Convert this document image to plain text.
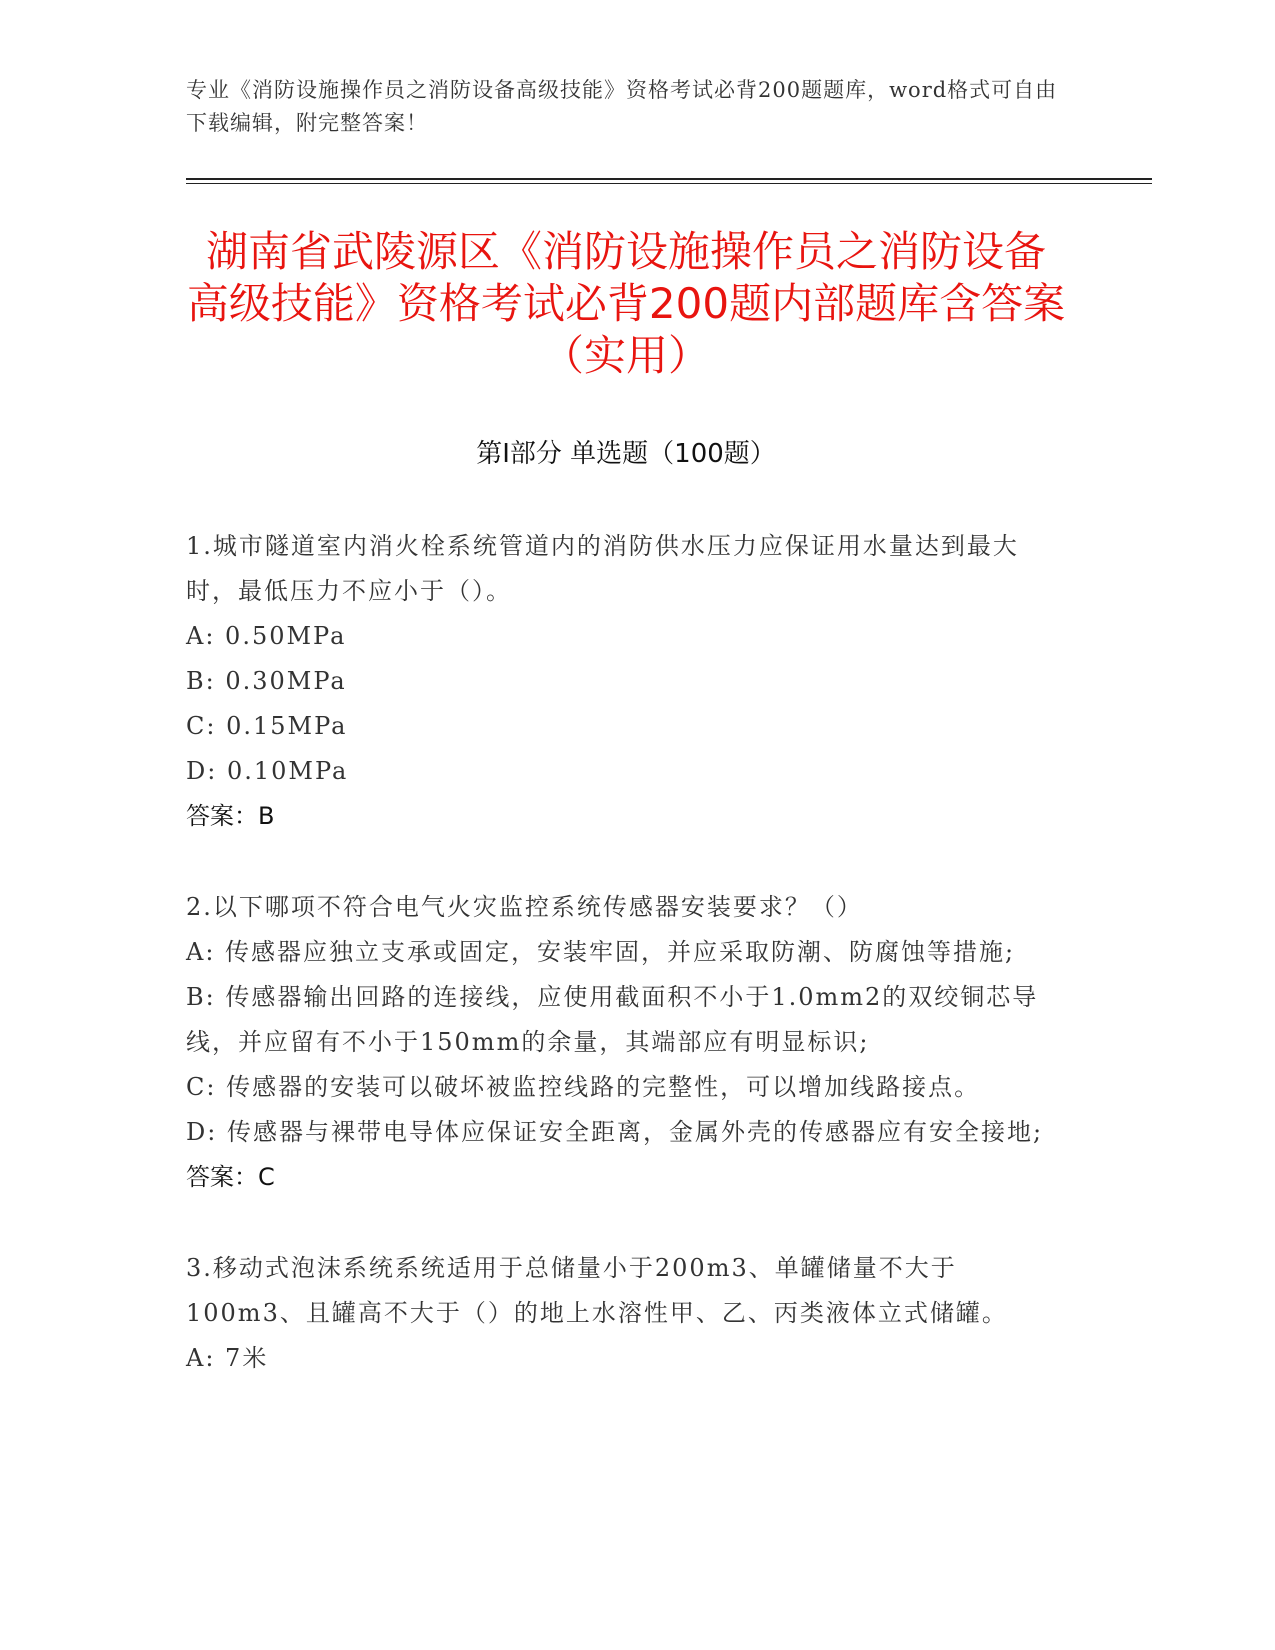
专业《消防设施操作员之消防设备高级技能》资格考试必背200题题库，word格式可自由下载编辑，附完整答案！
湖南省武陵源区《消防设施操作员之消防设备高级技能》资格考试必背200题内部题库含答案（实用）
第Ⅰ部分 单选题（100题）

1.城市隧道室内消火栓系统管道内的消防供水压力应保证用水量达到最大时，最低压力不应小于（）。

A: 0.50MPa

B: 0.30MPa

C: 0.15MPa

D: 0.10MPa

答案：B

2.以下哪项不符合电气火灾监控系统传感器安装要求？（）

A: 传感器应独立支承或固定，安装牢固，并应采取防潮、防腐蚀等措施;

B: 传感器输出回路的连接线，应使用截面积不小于1.0mm2的双绞铜芯导线，并应留有不小于150mm的余量，其端部应有明显标识;

C: 传感器的安装可以破坏被监控线路的完整性，可以增加线路接点。

D: 传感器与裸带电导体应保证安全距离，金属外壳的传感器应有安全接地;

答案：C

3.移动式泡沫系统系统适用于总储量小于200m3、单罐储量不大于100m3、且罐高不大于（）的地上水溶性甲、乙、丙类液体立式储罐。

A: 7米
